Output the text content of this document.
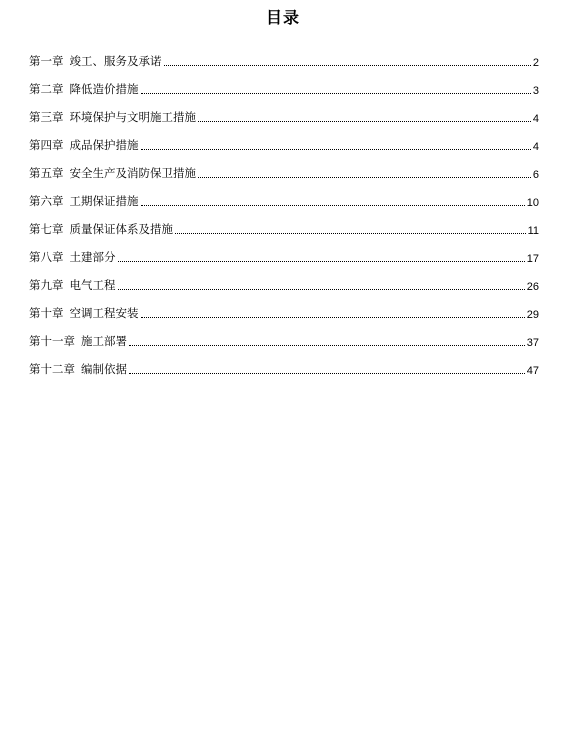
目录
第一章 竣工、服务及承诺	2
第二章 降低造价措施	3
第三章 环境保护与文明施工措施	4
第四章 成品保护措施	4
第五章 安全生产及消防保卫措施	6
第六章 工期保证措施	10
第七章 质量保证体系及措施	11
第八章 土建部分	17
第九章 电气工程	26
第十章 空调工程安装	29
第十一章 施工部署	37
第十二章 编制依据	47
